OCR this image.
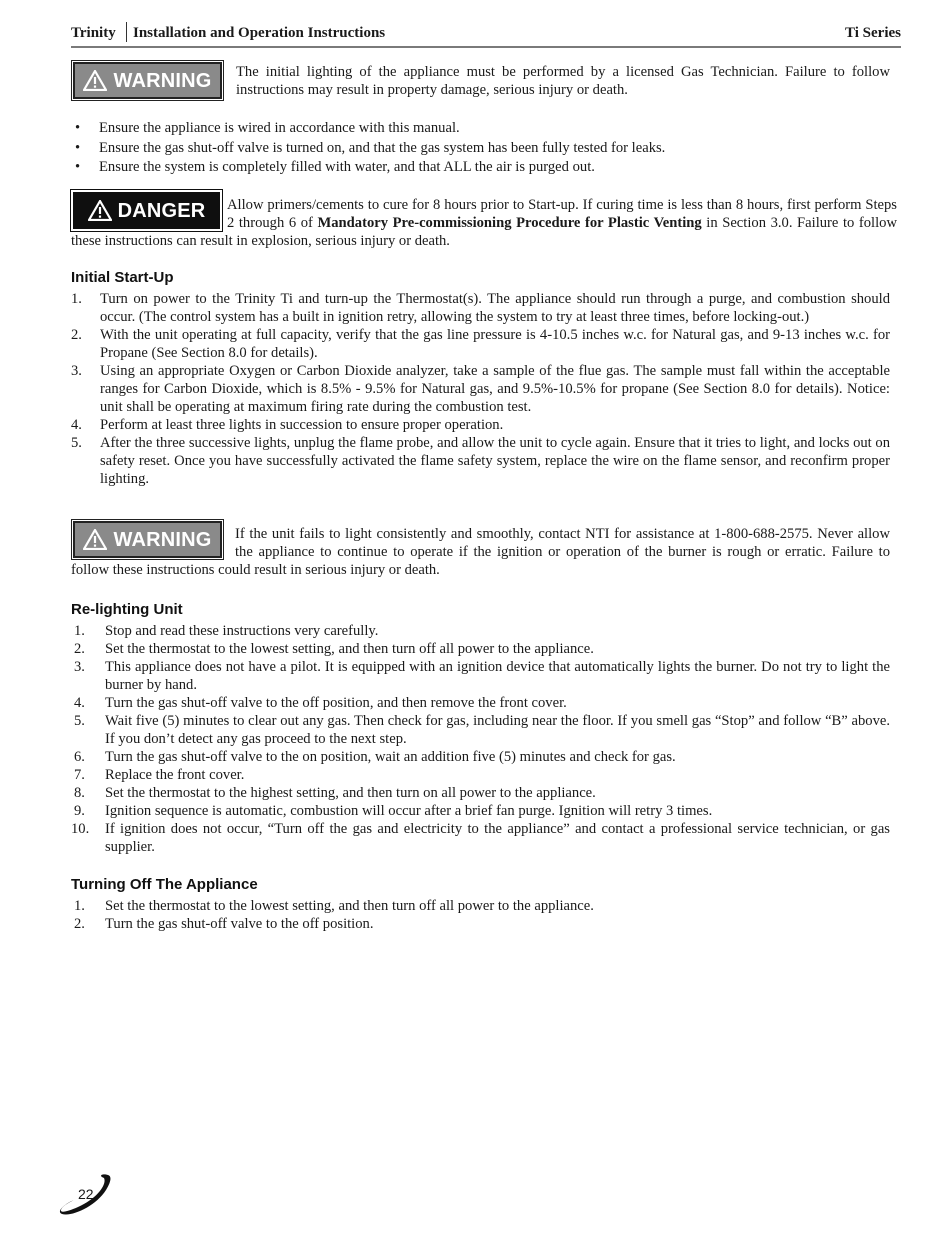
Trinity Installation and Operation Instructions	Ti Series
WARNING The initial lighting of the appliance must be performed by a licensed Gas Technician. Failure to follow instructions may result in property damage, serious injury or death.
• Ensure the appliance is wired in accordance with this manual.
• Ensure the gas shut-off valve is turned on, and that the gas system has been fully tested for leaks.
• Ensure the system is completely filled with water, and that ALL the air is purged out.
DANGER	Allow primers/cements to cure for 8 hours prior to Start-up. If curing time is less than 8 hours, first perform Steps 2 through 6 of Mandatory Pre-commissioning Procedure for Plastic Venting in Section 3.0. Failure to follow these instructions can result in explosion, serious injury or death.
Initial Start-Up
1. Turn on power to the Trinity Ti and turn-up the Thermostat(s). The appliance should run through a purge, and combustion should occur. (The control system has a built in ignition retry, allowing the system to try at least three times, before locking-out.)
2. With the unit operating at full capacity, verify that the gas line pressure is 4-10.5 inches w.c. for Natural gas, and 9-13 inches w.c. for Propane (See Section 8.0 for details).
3. Using an appropriate Oxygen or Carbon Dioxide analyzer, take a sample of the flue gas. The sample must fall within the acceptable ranges for Carbon Dioxide, which is 8.5% - 9.5% for Natural gas, and 9.5%-10.5% for propane (See Section 8.0 for details). Notice: unit shall be operating at maximum firing rate during the combustion test.
4. Perform at least three lights in succession to ensure proper operation.
5. After the three successive lights, unplug the flame probe, and allow the unit to cycle again. Ensure that it tries to light, and locks out on safety reset. Once you have successfully activated the flame safety system, replace the wire on the flame sensor, and reconfirm proper lighting.
WARNING	If the unit fails to light consistently and smoothly, contact NTI for assistance at 1-800-688-2575. Never allow the appliance to continue to operate if the ignition or operation of the burner is rough or erratic. Failure to follow these instructions could result in serious injury or death.
Re-lighting Unit
1. Stop and read these instructions very carefully.
2. Set the thermostat to the lowest setting, and then turn off all power to the appliance.
3. This appliance does not have a pilot. It is equipped with an ignition device that automatically lights the burner. Do not try to light the burner by hand.
4. Turn the gas shut-off valve to the off position, and then remove the front cover.
5. Wait five (5) minutes to clear out any gas. Then check for gas, including near the floor. If you smell gas “Stop” and follow “B” above. If you don’t detect any gas proceed to the next step.
6. Turn the gas shut-off valve to the on position, wait an addition five (5) minutes and check for gas.
7. Replace the front cover.
8. Set the thermostat to the highest setting, and then turn on all power to the appliance.
9. Ignition sequence is automatic, combustion will occur after a brief fan purge. Ignition will retry 3 times.
10. If ignition does not occur, “Turn off the gas and electricity to the appliance” and contact a professional service technician, or gas supplier.
Turning Off The Appliance
1. Set the thermostat to the lowest setting, and then turn off all power to the appliance.
2. Turn the gas shut-off valve to the off position.
22
